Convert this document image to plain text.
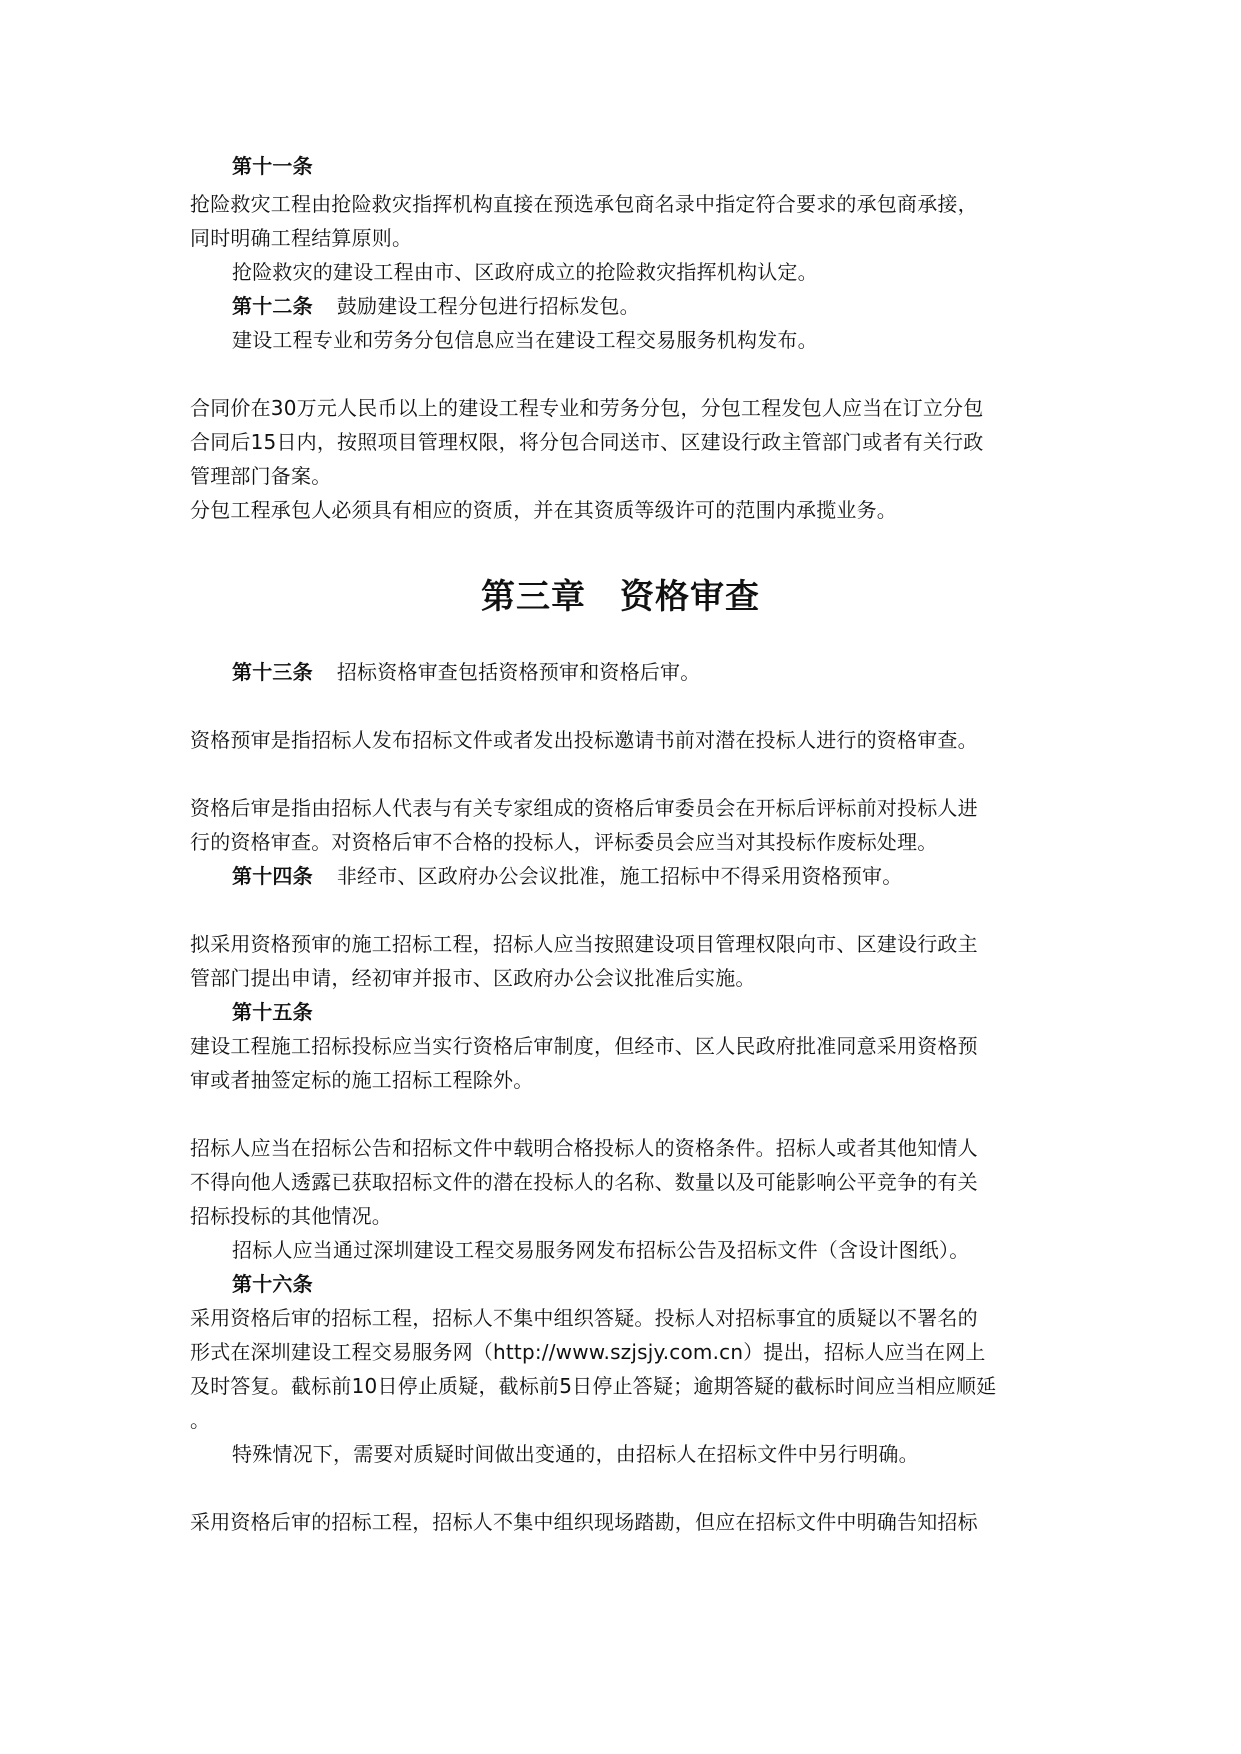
第十一条
抢险救灾工程由抢险救灾指挥机构直接在预选承包商名录中指定符合要求的承包商承接，
同时明确工程结算原则。
抢险救灾的建设工程由市、区政府成立的抢险救灾指挥机构认定。
第十二条 鼓励建设工程分包进行招标发包。
建设工程专业和劳务分包信息应当在建设工程交易服务机构发布。
合同价在30万元人民币以上的建设工程专业和劳务分包，分包工程发包人应当在订立分包
合同后15日内，按照项目管理权限，将分包合同送市、区建设行政主管部门或者有关行政
管理部门备案。
分包工程承包人必须具有相应的资质，并在其资质等级许可的范围内承揽业务。
第三章 资格审查
第十三条 招标资格审查包括资格预审和资格后审。
资格预审是指招标人发布招标文件或者发出投标邀请书前对潜在投标人进行的资格审查。
资格后审是指由招标人代表与有关专家组成的资格后审委员会在开标后评标前对投标人进
行的资格审查。对资格后审不合格的投标人，评标委员会应当对其投标作废标处理。
第十四条 非经市、区政府办公会议批准，施工招标中不得采用资格预审。
拟采用资格预审的施工招标工程，招标人应当按照建设项目管理权限向市、区建设行政主
管部门提出申请，经初审并报市、区政府办公会议批准后实施。
第十五条
建设工程施工招标投标应当实行资格后审制度，但经市、区人民政府批准同意采用资格预
审或者抽签定标的施工招标工程除外。
招标人应当在招标公告和招标文件中载明合格投标人的资格条件。招标人或者其他知情人
不得向他人透露已获取招标文件的潜在投标人的名称、数量以及可能影响公平竞争的有关
招标投标的其他情况。
招标人应当通过深圳建设工程交易服务网发布招标公告及招标文件（含设计图纸）。
第十六条
采用资格后审的招标工程，招标人不集中组织答疑。投标人对招标事宜的质疑以不署名的
形式在深圳建设工程交易服务网（http://www.szjsjy.com.cn）提出，招标人应当在网上
及时答复。截标前10日停止质疑，截标前5日停止答疑；逾期答疑的截标时间应当相应顺延
。
特殊情况下，需要对质疑时间做出变通的，由招标人在招标文件中另行明确。
采用资格后审的招标工程，招标人不集中组织现场踏勘，但应在招标文件中明确告知招标
